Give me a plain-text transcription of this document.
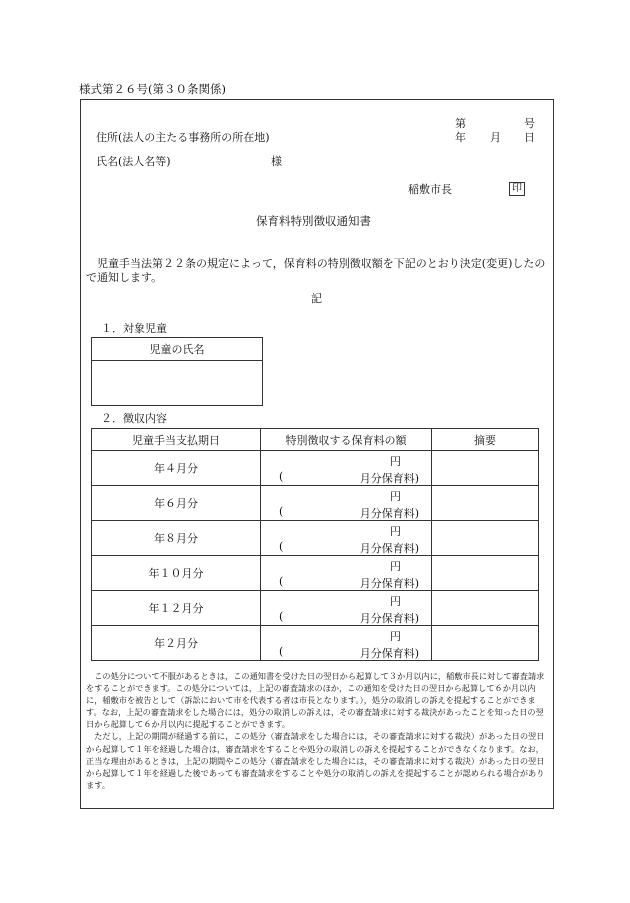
様式第２６号(第３０条関係)
第	号
年 月 日
住所(法人の主たる事務所の所在地)
氏名(法人名等)	様
稲敷市長	印
保育料特別徴収通知書
児童手当法第２２条の規定によって，保育料の特別徴収額を下記のとおり決定(変更)したので通知します。
記
１．対象児童
児童の氏名

２．徴収内容
児童手当支払期日	特別徴収する保育料の額	摘要
年４月分	円
( 月分保育料)	

年６月分	円
( 月分保育料)	

年８月分	円
( 月分保育料)	

年１０月分	円
( 月分保育料)	

年１２月分	円
( 月分保育料)	

年２月分	円
( 月分保育料)	

この処分について不服があるときは，この通知書を受けた日の翌日から起算して３か月以内に，稲敷市長に対して審査請求をすることができます。この処分については，上記の審査請求のほか，この通知を受けた日の翌日から起算して６か月以内に，稲敷市を被告として（訴訟において市を代表する者は市長となります。），処分の取消しの訴えを提起することができます。なお，上記の審査請求をした場合には，処分の取消しの訴えは，その審査請求に対する裁決があったことを知った日の翌日から起算して６か月以内に提起することができます。

ただし，上記の期間が経過する前に，この処分（審査請求をした場合には，その審査請求に対する裁決）があった日の翌日から起算して１年を経過した場合は，審査請求をすることや処分の取消しの訴えを提起することができなくなります。なお，正当な理由があるときは，上記の期間やこの処分（審査請求をした場合には，その審査請求に対する裁決）があった日の翌日から起算して１年を経過した後であっても審査請求をすることや処分の取消しの訴えを提起することが認められる場合があります。
